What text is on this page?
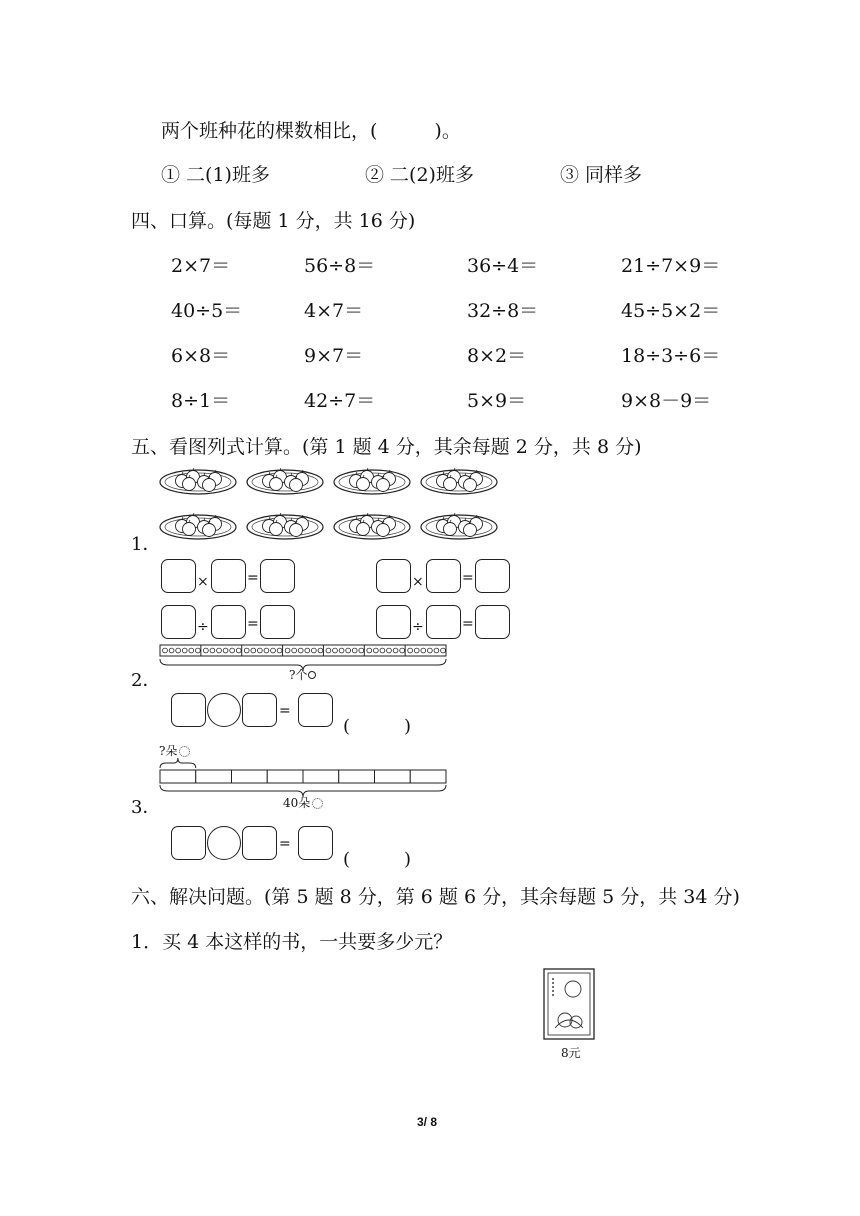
两个班种花的棵数相比，(　　　)。
① 二(1)班多	② 二(2)班多	③ 同样多
四、口算。(每题 1 分，共 16 分)
2×7＝	56÷8＝	36÷4＝	21÷7×9＝
40÷5＝	4×7＝	32÷8＝	45÷5×2＝
6×8＝	9×7＝	8×2＝	18÷3÷6＝
8÷1＝	42÷7＝	5×9＝	9×8－9＝
五、看图列式计算。(第 1 题 4 分，其余每题 2 分，共 8 分)
1．
×	=	×	=
÷	=	÷	=
?个
2．
=
(　　　)
?朵
40朵
3．
=
(　　　)
六、解决问题。(第 5 题 8 分，第 6 题 6 分，其余每题 5 分，共 34 分)
1．买 4 本这样的书，一共要多少元？
8元
3/ 8
